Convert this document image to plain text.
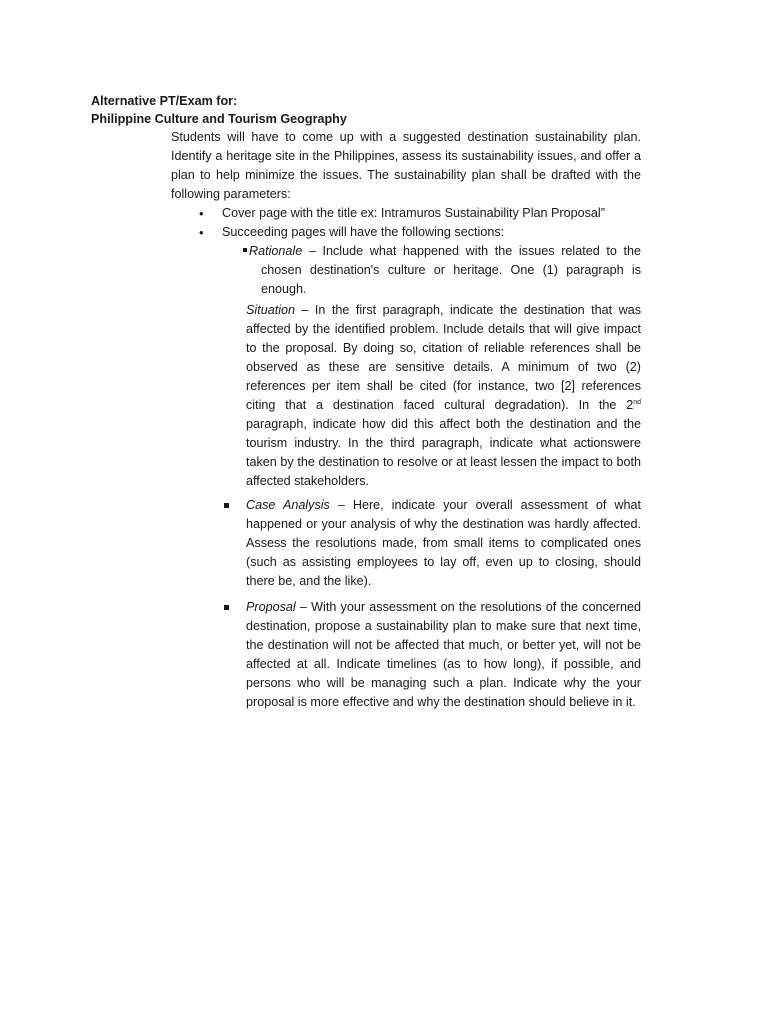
Alternative PT/Exam for:
Philippine Culture and Tourism Geography
Students will have to come up with a suggested destination sustainability plan. Identify a heritage site in the Philippines, assess its sustainability issues, and offer a plan to help minimize the issues. The sustainability plan shall be drafted with the following parameters:
•	Cover page with the title ex: Intramuros Sustainability Plan Proposal”
•	Succeeding pages will have the following sections:
Rationale – Include what happened with the issues related to the chosen destination's culture or heritage. One (1) paragraph is enough.
Situation – In the first paragraph, indicate the destination that was affected by the identified problem. Include details that will give impact to the proposal. By doing so, citation of reliable references shall be observed as these are sensitive details. A minimum of two (2) references per item shall be cited (for instance, two [2] references citing that a destination faced cultural degradation). In the 2nd paragraph, indicate how did this affect both the destination and the tourism industry. In the third paragraph, indicate what actionswere taken by the destination to resolve or at least lessen the impact to both affected stakeholders.
Case Analysis – Here, indicate your overall assessment of what happened or your analysis of why the destination was hardly affected. Assess the resolutions made, from small items to complicated ones (such as assisting employees to lay off, even up to closing, should there be, and the like).
Proposal – With your assessment on the resolutions of the concerned destination, propose a sustainability plan to make sure that next time, the destination will not be affected that much, or better yet, will not be affected at all. Indicate timelines (as to how long), if possible, and persons who will be managing such a plan. Indicate why the your proposal is more effective and why the destination should believe in it.
